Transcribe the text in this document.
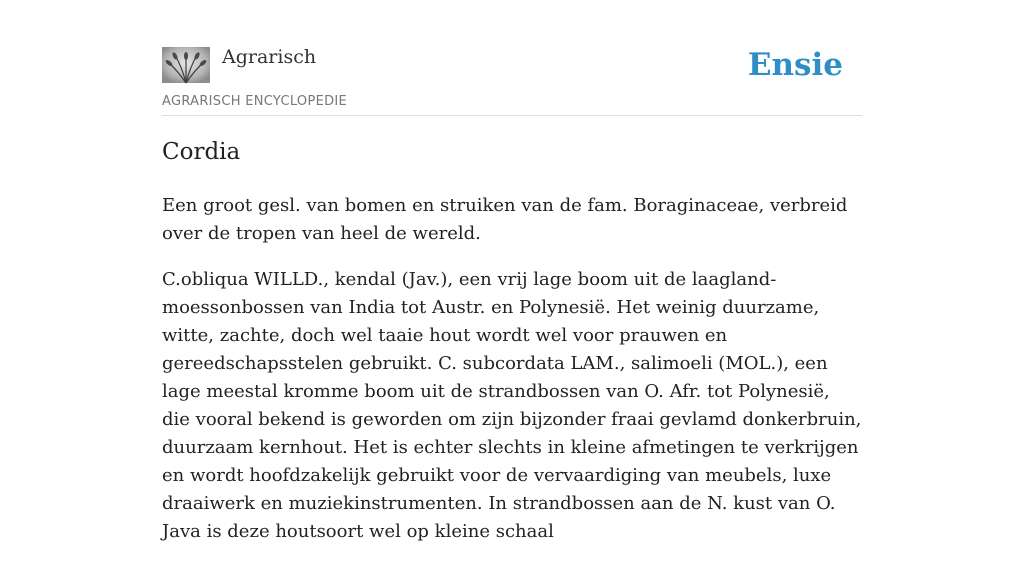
Agrarisch
AGRARISCH ENCYCLOPEDIE
Ensie
Cordia

Een groot gesl. van bomen en struiken van de fam. Boraginaceae, verbreid over de tropen van heel de wereld.

C.obliqua WILLD., kendal (Jav.), een vrij lage boom uit de laagland-moessonbossen van India tot Austr. en Polynesië. Het weinig duurzame, witte, zachte, doch wel taaie hout wordt wel voor prauwen en gereedschapsstelen gebruikt. C. subcordata LAM., salimoeli (MOL.), een lage meestal kromme boom uit de strandbossen van O. Afr. tot Polynesië, die vooral bekend is geworden om zijn bijzonder fraai gevlamd donkerbruin, duurzaam kernhout. Het is echter slechts in kleine afmetingen te verkrijgen en wordt hoofdzakelijk gebruikt voor de vervaardiging van meubels, luxe draaiwerk en muziekinstrumenten. In strandbossen aan de N. kust van O. Java is deze houtsoort wel op kleine schaal
